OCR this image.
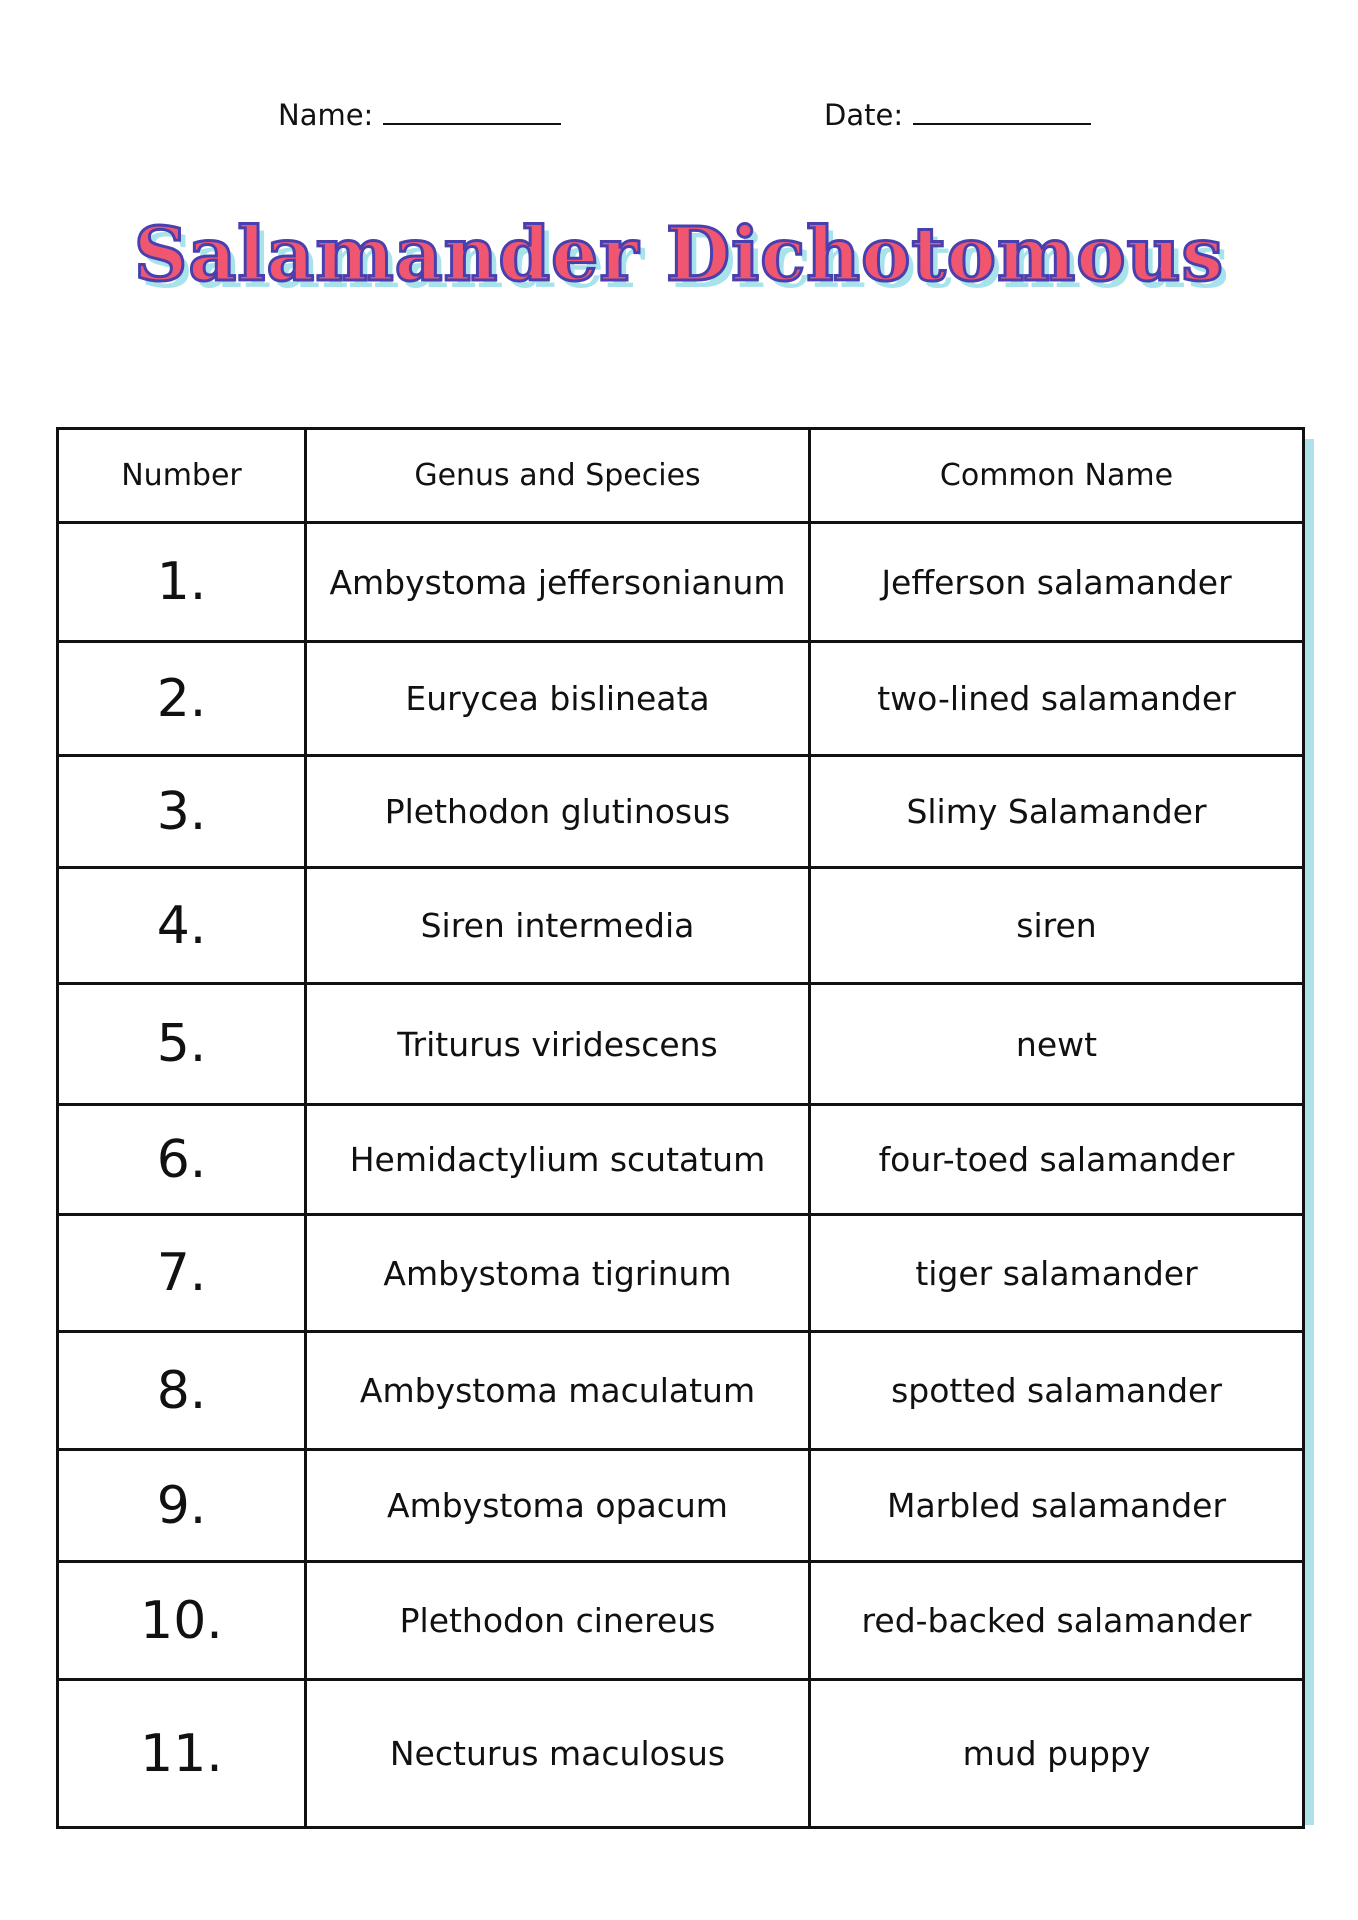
Name:	Date:
Salamander Dichotomous
Number	Genus and Species	Common Name
1.	Ambystoma jeffersonianum	Jefferson salamander
2.	Eurycea bislineata	two-lined salamander
3.	Plethodon glutinosus	Slimy Salamander
4.	Siren intermedia	siren
5.	Triturus viridescens	newt
6.	Hemidactylium scutatum	four-toed salamander
7.	Ambystoma tigrinum	tiger salamander
8.	Ambystoma maculatum	spotted salamander
9.	Ambystoma opacum	Marbled salamander
10.	Plethodon cinereus	red-backed salamander
11.	Necturus maculosus	mud puppy
